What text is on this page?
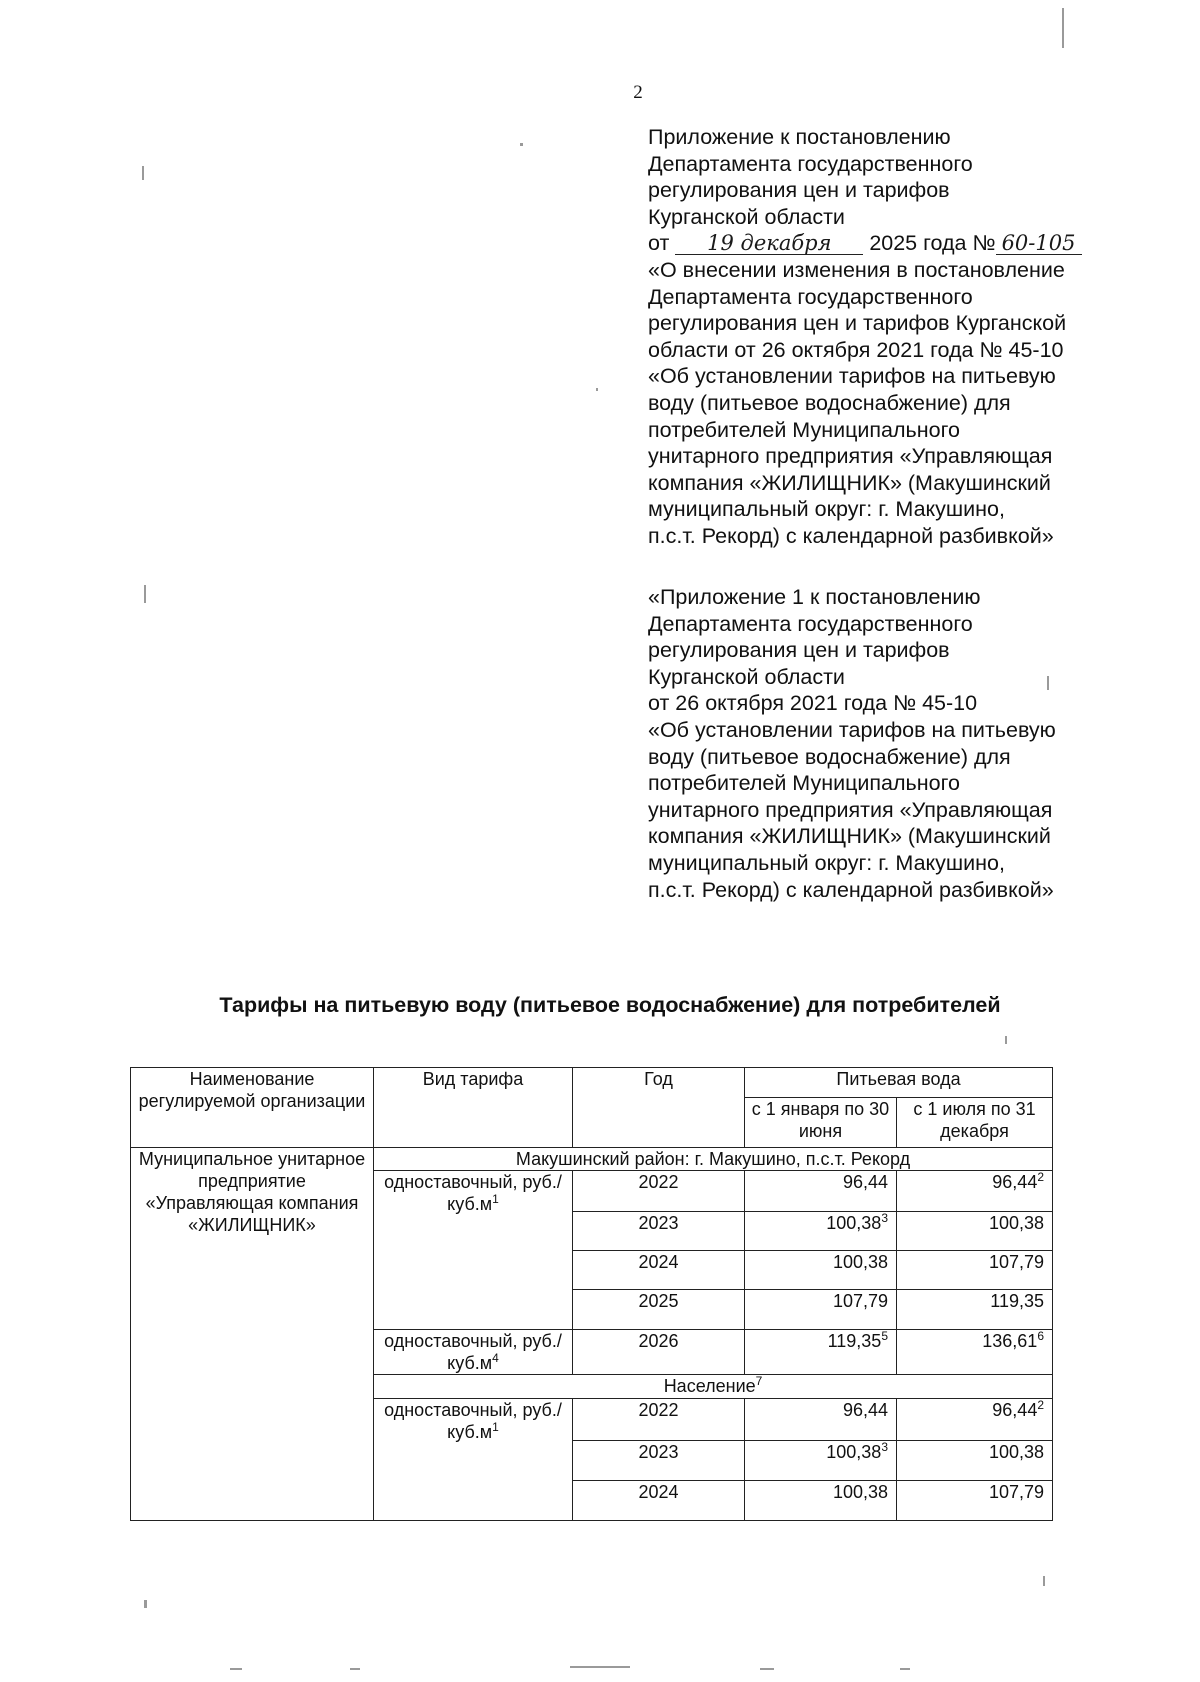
2
Приложение к постановлению
Департамента государственного
регулирования цен и тарифов
Курганской области
от 19 декабря 2025 года № 60-105
«О внесении изменения в постановление
Департамента государственного
регулирования цен и тарифов Курганской
области от 26 октября 2021 года № 45-10
«Об установлении тарифов на питьевую
воду (питьевое водоснабжение) для
потребителей Муниципального
унитарного предприятия «Управляющая
компания «ЖИЛИЩНИК» (Макушинский
муниципальный округ: г. Макушино,
п.с.т. Рекорд) с календарной разбивкой»
«Приложение 1 к постановлению
Департамента государственного
регулирования цен и тарифов
Курганской области
от 26 октября 2021 года № 45-10
«Об установлении тарифов на питьевую
воду (питьевое водоснабжение) для
потребителей Муниципального
унитарного предприятия «Управляющая
компания «ЖИЛИЩНИК» (Макушинский
муниципальный округ: г. Макушино,
п.с.т. Рекорд) с календарной разбивкой»
Тарифы на питьевую воду (питьевое водоснабжение) для потребителей
Наименование регулируемой организации	Вид тарифа	Год	Питьевая вода	
			с 1 января по 30 июня	с 1 июля по 31 декабря
Муниципальное унитарное предприятие «Управляющая компания «ЖИЛИЩНИК»	Макушинский район: г. Макушино, п.с.т. Рекорд			
	одноставочный, $руб./куб.м^1$	2022	96,44	96,44$^2$
		2023	100,38$^3$	100,38
		2024	100,38	107,79
		2025	107,79	119,35
	одноставочный, $руб./куб.м^4$	2026	119,35$^5$	136,61$^6$
	Население$^7$
	одноставочный, $руб./куб.м^1$	2022	96,44	96,44$^2$
		2023	100,38$^3$	100,38
		2024	100,38	107,79
